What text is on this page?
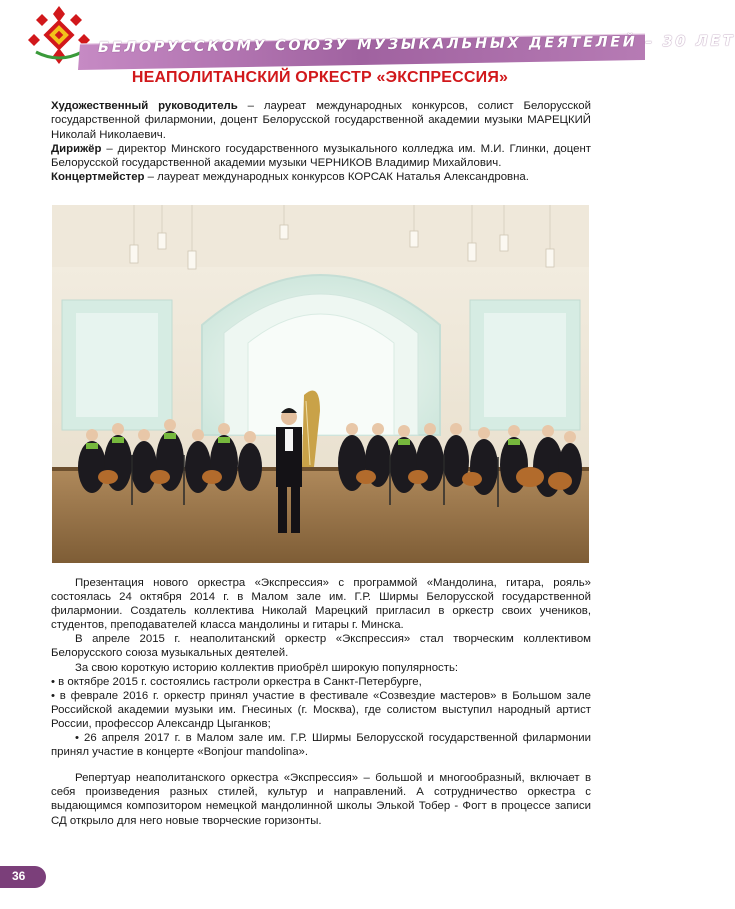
БЕЛОРУССКОМУ СОЮЗУ МУЗЫКАЛЬНЫХ ДЕЯТЕЛЕЙ – 30 ЛЕТ
НЕАПОЛИТАНСКИЙ ОРКЕСТР «ЭКСПРЕССИЯ»

Художественный руководитель – лауреат международных конкурсов, солист Белорусской государственной филармонии, доцент Белорусской государственной академии музыки МАРЕЦКИЙ Николай Николаевич.

Дирижёр – директор Минского государственного музыкального колледжа им. М.И. Глинки, доцент Белорусской государственной академии музыки ЧЕРНИКОВ Владимир Михайлович.

Концертмейстер – лауреат международных конкурсов КОРСАК Наталья Александровна.

Презентация нового оркестра «Экспрессия» с программой «Мандолина, гитара, рояль» состоялась 24 октября 2014 г. в Малом зале им. Г.Р. Ширмы Белорусской государственной филармонии. Создатель коллектива Николай Марецкий пригласил в оркестр своих учеников, студентов, преподавателей класса мандолины и гитары г. Минска.

В апреле 2015 г. неаполитанский оркестр «Экспрессия» стал творческим коллективом Белорусского союза музыкальных деятелей.

За свою короткую историю коллектив приобрёл широкую популярность:

• в октябре 2015 г. состоялись гастроли оркестра в Санкт-Петербурге,

• в феврале 2016 г. оркестр принял участие в фестивале «Созвездие мастеров» в Большом зале Российской академии музыки им. Гнесиных (г. Москва), где солистом выступил народный артист России, профессор Александр Цыганков;

• 26 апреля 2017 г. в Малом зале им. Г.Р. Ширмы Белорусской государственной филармонии принял участие в концерте «Bonjour mandolina».

Репертуар неаполитанского оркестра «Экспрессия» – большой и многообразный, включает в себя произведения разных стилей, культур и направлений. А сотрудничество оркестра с выдающимся композитором немецкой мандолинной школы Элькой Тобер - Фогт в процессе записи СД открыло для него новые творческие горизонты.

36
